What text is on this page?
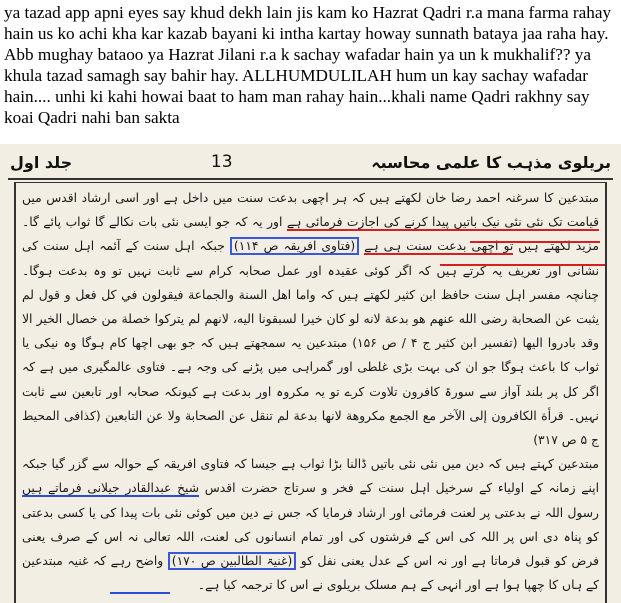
ya tazad app apni eyes say khud dekh lain jis kam ko Hazrat Qadri r.a mana farma rahay hain us ko achi kha kar kazab bayani ki intha kartay howay sunnath bataya jaa raha hay.
Abb mughay bataoo ya Hazrat Jilani r.a k sachay wafadar hain ya un k mukhalif?? ya khula tazad samagh say bahir hay. ALLHUMDULILAH hum un kay sachay wafadar hain.... unhi ki kahi howai baat to ham man rahay hain...khali name Qadri rakhny say koai Qadri nahi ban sakta
جلد اول	13	بریلوی مذہب کا علمی محاسبہ

مبتدعین کا سرغنہ احمد رضا خان لکھتے ہیں کہ ہر اچھی بدعت سنت میں داخل ہے اور اسی ارشاد اقدس میں قیامت تک نئی نئی نیک باتیں پیدا کرنے کی اجازت فرمائی ہے اور یہ کہ جو ایسی نئی بات نکالے گا ثواب پائے گا۔ مزید لکھتے ہیں تو اچھی بدعت سنت ہی ہے (فتاوی افریقہ ص ۱۱۴) جبکہ اہل سنت کے آئمہ اہل سنت کی نشانی اور تعریف یہ کرتے ہیں کہ اگر کوئی عقیدہ اور عمل صحابہ کرام سے ثابت نہیں تو وہ بدعت ہوگا۔ چنانچہ مفسر اہل سنت حافظ ابن کثیر لکھتے ہیں کہ واما اهل السنة والجماعة فيقولون في كل فعل و قول لم يثبت عن الصحابة رضى الله عنهم هو بدعة لانه لو كان خيرا لسبقونا اليه، لانهم لم يتركوا خصلة من خصال الخير الا وقد بادروا اليها (تفسیر ابن کثیر ج ۴ / ص ۱۵۶) مبتدعین یہ سمجھتے ہیں کہ جو بھی اچھا کام ہوگا وہ نیکی یا ثواب کا باعث ہوگا جو ان کی بہت بڑی غلطی اور گمراہی میں پڑنے کی وجہ ہے۔ فتاوی عالمگیری میں ہے کہ اگر کل پر بلند آواز سے سورۃ کافرون تلاوت کرے تو یہ مکروہ اور بدعت ہے کیونکہ صحابہ اور تابعین سے ثابت نہیں۔ قرأة الكافرون إلى الآخر مع الجمع مكروهة لانها بدعة لم تنقل عن الصحابة ولا عن التابعين (کذافی المحیط ج ۵ ص ۳۱۷)

مبتدعین کہتے ہیں کہ دین میں نئی نئی باتیں ڈالنا بڑا ثواب ہے جیسا کہ فتاوی افریقہ کے حوالہ سے گزر گیا جبکہ اپنے زمانہ کے اولیاء کے سرخیل اہل سنت کے فخر و سرتاج حضرت اقدس شیخ عبدالقادر جیلانی فرماتے ہیں رسول اللہ نے بدعتی پر لعنت فرمائی اور ارشاد فرمایا کہ جس نے دین میں کوئی نئی بات پیدا کی یا کسی بدعتی کو پناہ دی اس پر اللہ کی اس کے فرشتوں کی اور تمام انسانوں کی لعنت، اللہ تعالی نہ اس کے صرف یعنی فرض کو قبول فرماتا ہے اور نہ اس کے عدل یعنی نفل کو (غنیۃ الطالبین ص ۱۷۰) واضح رہے کہ غنیہ مبتدعین کے ہاں کا چھپا ہوا ہے اور انہی کے ہم مسلک بریلوی نے اس کا ترجمہ کیا ہے۔
